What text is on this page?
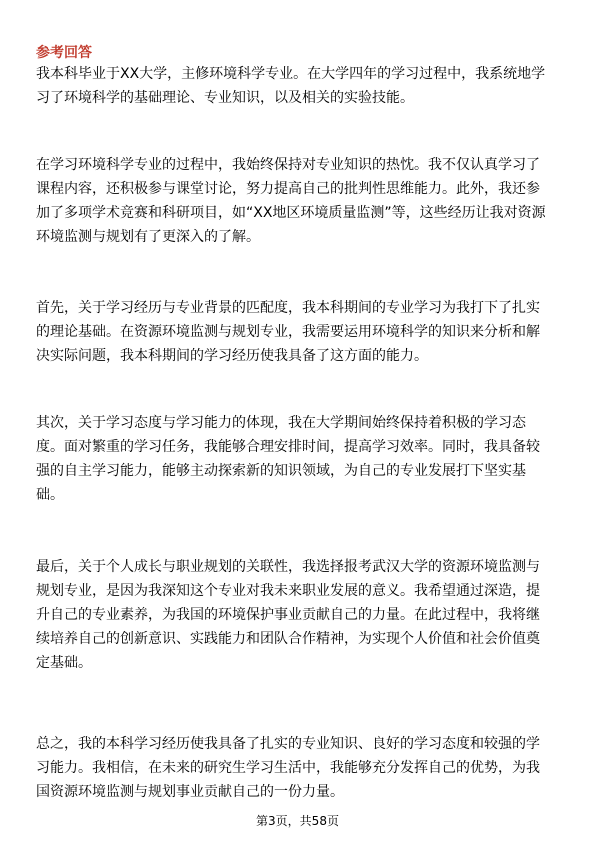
参考回答

我本科毕业于XX大学，主修环境科学专业。在大学四年的学习过程中，我系统地学
习了环境科学的基础理论、专业知识，以及相关的实验技能。

在学习环境科学专业的过程中，我始终保持对专业知识的热忱。我不仅认真学习了
课程内容，还积极参与课堂讨论，努力提高自己的批判性思维能力。此外，我还参
加了多项学术竞赛和科研项目，如“XX地区环境质量监测”等，这些经历让我对资源
环境监测与规划有了更深入的了解。

首先，关于学习经历与专业背景的匹配度，我本科期间的专业学习为我打下了扎实
的理论基础。在资源环境监测与规划专业，我需要运用环境科学的知识来分析和解
决实际问题，我本科期间的学习经历使我具备了这方面的能力。

其次，关于学习态度与学习能力的体现，我在大学期间始终保持着积极的学习态
度。面对繁重的学习任务，我能够合理安排时间，提高学习效率。同时，我具备较
强的自主学习能力，能够主动探索新的知识领域，为自己的专业发展打下坚实基
础。

最后，关于个人成长与职业规划的关联性，我选择报考武汉大学的资源环境监测与
规划专业，是因为我深知这个专业对我未来职业发展的意义。我希望通过深造，提
升自己的专业素养，为我国的环境保护事业贡献自己的力量。在此过程中，我将继
续培养自己的创新意识、实践能力和团队合作精神，为实现个人价值和社会价值奠
定基础。

总之，我的本科学习经历使我具备了扎实的专业知识、良好的学习态度和较强的学
习能力。我相信，在未来的研究生学习生活中，我能够充分发挥自己的优势，为我
国资源环境监测与规划事业贡献自己的一份力量。

第3页，共58页
